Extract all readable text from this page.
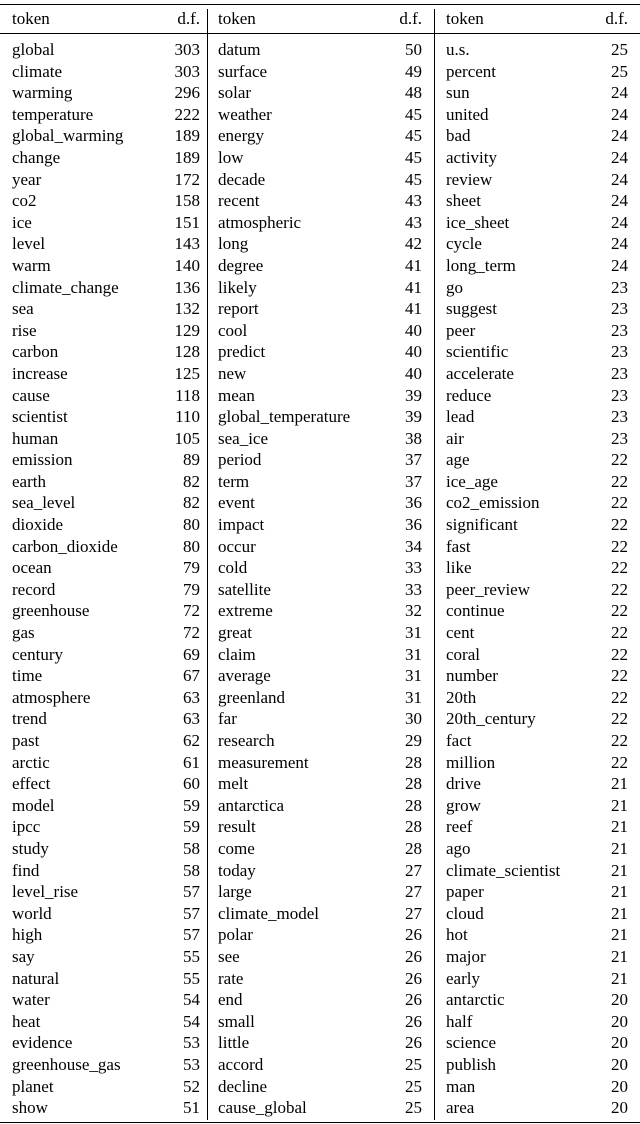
token	d.f.
global	303
climate	303
warming	296
temperature	222
global_warming	189
change	189
year	172
co2	158
ice	151
level	143
warm	140
climate_change	136
sea	132
rise	129
carbon	128
increase	125
cause	118
scientist	110
human	105
emission	89
earth	82
sea_level	82
dioxide	80
carbon_dioxide	80
ocean	79
record	79
greenhouse	72
gas	72
century	69
time	67
atmosphere	63
trend	63
past	62
arctic	61
effect	60
model	59
ipcc	59
study	58
find	58
level_rise	57
world	57
high	57
say	55
natural	55
water	54
heat	54
evidence	53
greenhouse_gas	53
planet	52
show	51
token	d.f.
datum	50
surface	49
solar	48
weather	45
energy	45
low	45
decade	45
recent	43
atmospheric	43
long	42
degree	41
likely	41
report	41
cool	40
predict	40
new	40
mean	39
global_temperature	39
sea_ice	38
period	37
term	37
event	36
impact	36
occur	34
cold	33
satellite	33
extreme	32
great	31
claim	31
average	31
greenland	31
far	30
research	29
measurement	28
melt	28
antarctica	28
result	28
come	28
today	27
large	27
climate_model	27
polar	26
see	26
rate	26
end	26
small	26
little	26
accord	25
decline	25
cause_global	25
token	d.f.
u.s.	25
percent	25
sun	24
united	24
bad	24
activity	24
review	24
sheet	24
ice_sheet	24
cycle	24
long_term	24
go	23
suggest	23
peer	23
scientific	23
accelerate	23
reduce	23
lead	23
air	23
age	22
ice_age	22
co2_emission	22
significant	22
fast	22
like	22
peer_review	22
continue	22
cent	22
coral	22
number	22
20th	22
20th_century	22
fact	22
million	22
drive	21
grow	21
reef	21
ago	21
climate_scientist	21
paper	21
cloud	21
hot	21
major	21
early	21
antarctic	20
half	20
science	20
publish	20
man	20
area	20
